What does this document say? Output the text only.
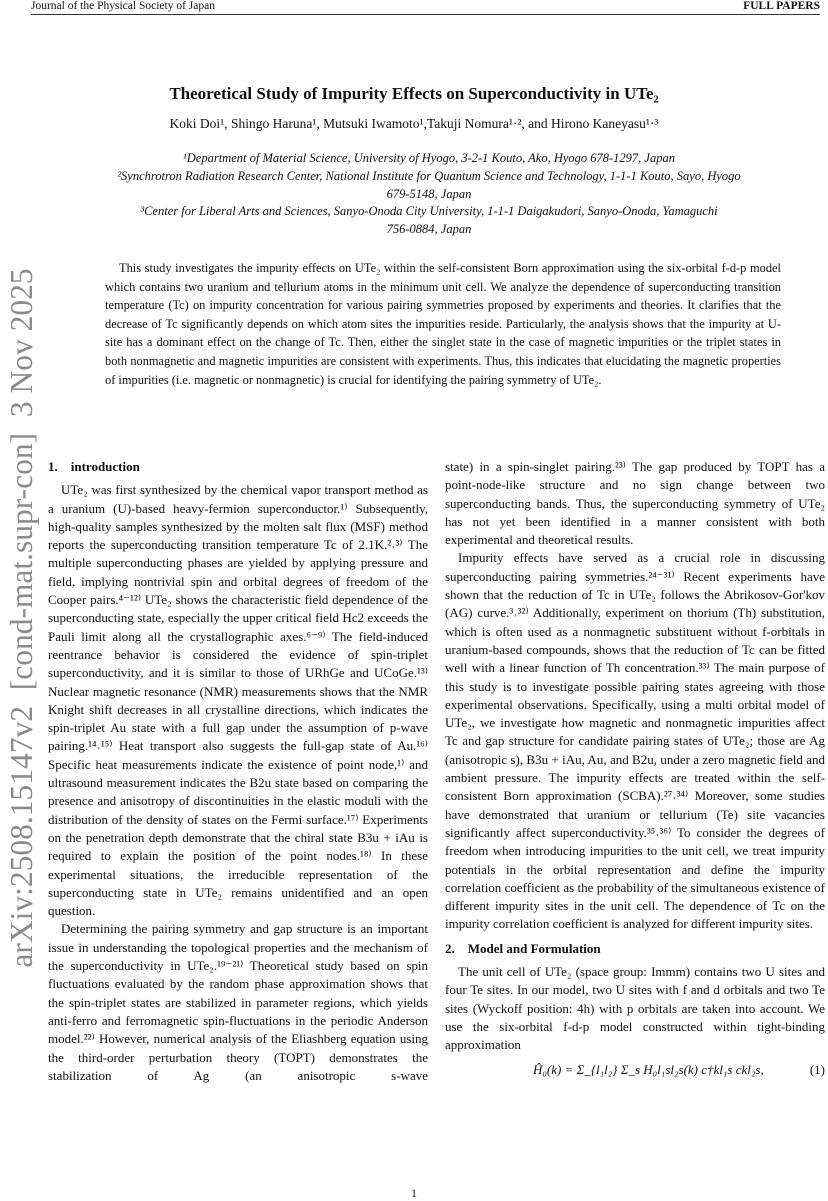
Journal of the Physical Society of Japan	FULL PAPERS
arXiv:2508.15147v2  [cond-mat.supr-con]  3 Nov 2025
Theoretical Study of Impurity Effects on Superconductivity in UTe₂
Koki Doi¹, Shingo Haruna¹, Mutsuki Iwamoto¹,Takuji Nomura¹·², and Hirono Kaneyasu¹·³
¹Department of Material Science, University of Hyogo, 3-2-1 Kouto, Ako, Hyogo 678-1297, Japan
²Synchrotron Radiation Research Center, National Institute for Quantum Science and Technology, 1-1-1 Kouto, Sayo, Hyogo 679-5148, Japan
³Center for Liberal Arts and Sciences, Sanyo-Onoda City University, 1-1-1 Daigakudori, Sanyo-Onoda, Yamaguchi 756-0884, Japan
This study investigates the impurity effects on UTe₂ within the self-consistent Born approximation using the six-orbital f-d-p model which contains two uranium and tellurium atoms in the minimum unit cell. We analyze the dependence of superconducting transition temperature (Tc) on impurity concentration for various pairing symmetries proposed by experiments and theories. It clarifies that the decrease of Tc significantly depends on which atom sites the impurities reside. Particularly, the analysis shows that the impurity at U-site has a dominant effect on the change of Tc. Then, either the singlet state in the case of magnetic impurities or the triplet states in both nonmagnetic and magnetic impurities are consistent with experiments. Thus, this indicates that elucidating the magnetic properties of impurities (i.e. magnetic or nonmagnetic) is crucial for identifying the pairing symmetry of UTe₂.
1.    introduction

UTe₂ was first synthesized by the chemical vapor transport method as a uranium (U)-based heavy-fermion superconductor.¹⁾ Subsequently, high-quality samples synthesized by the molten salt flux (MSF) method reports the superconducting transition temperature Tc of 2.1K.²˒³⁾ The multiple superconducting phases are yielded by applying pressure and field, implying nontrivial spin and orbital degrees of freedom of the Cooper pairs.⁴⁻¹²⁾ UTe₂ shows the characteristic field dependence of the superconducting state, especially the upper critical field Hc2 exceeds the Pauli limit along all the crystallographic axes.⁶⁻⁹⁾ The field-induced reentrance behavior is considered the evidence of spin-triplet superconductivity, and it is similar to those of URhGe and UCoGe.¹³⁾ Nuclear magnetic resonance (NMR) measurements shows that the NMR Knight shift decreases in all crystalline directions, which indicates the spin-triplet Au state with a full gap under the assumption of p-wave pairing.¹⁴˒¹⁵⁾ Heat transport also suggests the full-gap state of Au.¹⁶⁾ Specific heat measurements indicate the existence of point node,¹⁾ and ultrasound measurement indicates the B2u state based on comparing the presence and anisotropy of discontinuities in the elastic moduli with the distribution of the density of states on the Fermi surface.¹⁷⁾ Experiments on the penetration depth demonstrate that the chiral state B3u + iAu is required to explain the position of the point nodes.¹⁸⁾ In these experimental situations, the irreducible representation of the superconducting state in UTe₂ remains unidentified and an open question.

Determining the pairing symmetry and gap structure is an important issue in understanding the topological properties and the mechanism of the superconductivity in UTe₂.¹⁹⁻²¹⁾ Theoretical study based on spin fluctuations evaluated by the random phase approximation shows that the spin-triplet states are stabilized in parameter regions, which yields anti-ferro and ferromagnetic spin-fluctuations in the periodic Anderson model.²²⁾ However, numerical analysis of the Eliashberg equation using the third-order perturbation theory (TOPT) demonstrates the stabilization of Ag (an anisotropic s-wave

state) in a spin-singlet pairing.²³⁾ The gap produced by TOPT has a point-node-like structure and no sign change between two superconducting bands. Thus, the superconducting symmetry of UTe₂ has not yet been identified in a manner consistent with both experimental and theoretical results.

Impurity effects have served as a crucial role in discussing superconducting pairing symmetries.²⁴⁻³¹⁾ Recent experiments have shown that the reduction of Tc in UTe₂ follows the Abrikosov-Gor'kov (AG) curve.³˒³²⁾ Additionally, experiment on thorium (Th) substitution, which is often used as a nonmagnetic substituent without f-orbitals in uranium-based compounds, shows that the reduction of Tc can be fitted well with a linear function of Th concentration.³³⁾ The main purpose of this study is to investigate possible pairing states agreeing with those experimental observations. Specifically, using a multi orbital model of UTe₂, we investigate how magnetic and nonmagnetic impurities affect Tc and gap structure for candidate pairing states of UTe₂; those are Ag (anisotropic s), B3u + iAu, Au, and B2u, under a zero magnetic field and ambient pressure. The impurity effects are treated within the self-consistent Born approximation (SCBA).²⁷˒³⁴⁾ Moreover, some studies have demonstrated that uranium or tellurium (Te) site vacancies significantly affect superconductivity.³⁵˒³⁶⁾ To consider the degrees of freedom when introducing impurities to the unit cell, we treat impurity potentials in the orbital representation and define the impurity correlation coefficient as the probability of the simultaneous existence of different impurity sites in the unit cell. The dependence of Tc on the impurity correlation coefficient is analyzed for different impurity sites.

2.    Model and Formulation

The unit cell of UTe₂ (space group: Immm) contains two U sites and four Te sites. In our model, two U sites with f and d orbitals and two Te sites (Wyckoff position: 4h) with p orbitals are taken into account. We use the six-orbital f-d-p model constructed within tight-binding approximation

Ĥ₀(k) = Σ_{l₁l₂} Σ_s H₀l₁sl₂s(k) c†kl₁s ckl₂s,	(1)
1
